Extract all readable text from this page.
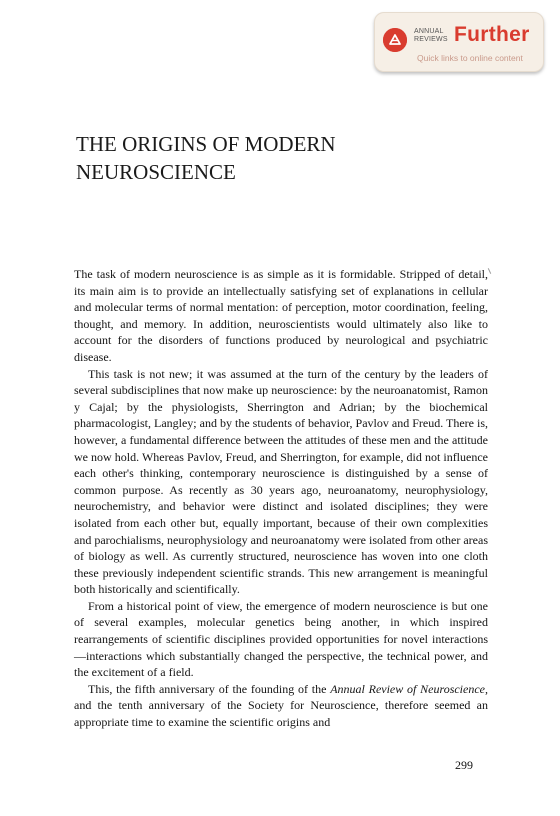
ANNUAL
REVIEWS Further
Quick links to online content
THE ORIGINS OF MODERN
NEUROSCIENCE

The task of modern neuroscience is as simple as it is formidable. Stripped of detail, its main aim is to provide an intellectually satisfying set of explanations in cellular and molecular terms of normal mentation: of perception, motor coordination, feeling, thought, and memory. In addition, neuroscientists would ultimately also like to account for the disorders of functions produced by neurological and psychiatric disease.

This task is not new; it was assumed at the turn of the century by the leaders of several subdisciplines that now make up neuroscience: by the neuroanatomist, Ramon y Cajal; by the physiologists, Sherrington and Adrian; by the biochemical pharmacologist, Langley; and by the students of behavior, Pavlov and Freud. There is, however, a fundamental difference between the attitudes of these men and the attitude we now hold. Whereas Pavlov, Freud, and Sherrington, for example, did not influence each other's thinking, contemporary neuroscience is distinguished by a sense of common purpose. As recently as 30 years ago, neuroanatomy, neurophysiology, neurochemistry, and behavior were distinct and isolated disciplines; they were isolated from each other but, equally important, because of their own complexities and parochialisms, neurophysiology and neuroanatomy were isolated from other areas of biology as well. As currently structured, neuroscience has woven into one cloth these previously independent scientific strands. This new arrangement is meaningful both historically and scientifically.

From a historical point of view, the emergence of modern neuroscience is but one of several examples, molecular genetics being another, in which inspired rearrangements of scientific disciplines provided opportunities for novel interactions—interactions which substantially changed the perspective, the technical power, and the excitement of a field.

This, the fifth anniversary of the founding of the Annual Review of Neuroscience, and the tenth anniversary of the Society for Neuroscience, therefore seemed an appropriate time to examine the scientific origins and

299
